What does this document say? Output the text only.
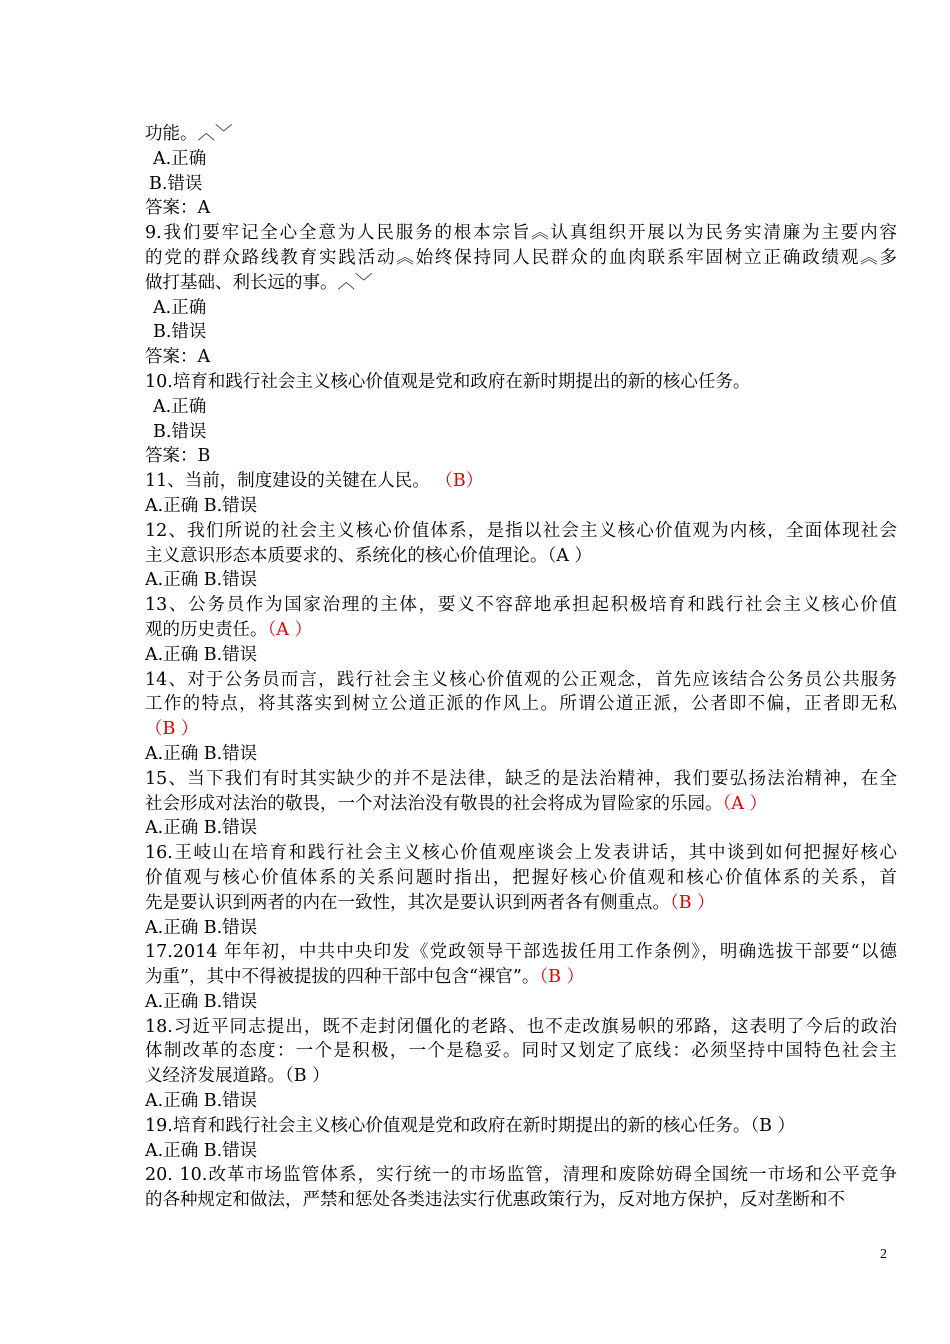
功能。︿﹀
A.正确
B.错误
答案：A
9.我们要牢记全心全意为人民服务的根本宗旨︽认真组织开展以为民务实清廉为主要内容
的党的群众路线教育实践活动︽始终保持同人民群众的血肉联系牢固树立正确政绩观︽多
做打基础、利长远的事。︿﹀
A.正确
B.错误
答案：A
10.培育和践行社会主义核心价值观是党和政府在新时期提出的新的核心任务。
A.正确
B.错误
答案：B
11、当前，制度建设的关键在人民。 （B）
A.正确 B.错误
12、我们所说的社会主义核心价值体系，是指以社会主义核心价值观为内核，全面体现社会
主义意识形态本质要求的、系统化的核心价值理论。（A ）
A.正确 B.错误
13、公务员作为国家治理的主体，要义不容辞地承担起积极培育和践行社会主义核心价值
观的历史责任。（A ）
A.正确 B.错误
14、对于公务员而言，践行社会主义核心价值观的公正观念，首先应该结合公务员公共服务
工作的特点，将其落实到树立公道正派的作风上。所谓公道正派，公者即不偏，正者即无私
（B ）
A.正确 B.错误
15、当下我们有时其实缺少的并不是法律，缺乏的是法治精神，我们要弘扬法治精神，在全
社会形成对法治的敬畏，一个对法治没有敬畏的社会将成为冒险家的乐园。（A ）
A.正确 B.错误
16.王岐山在培育和践行社会主义核心价值观座谈会上发表讲话，其中谈到如何把握好核心
价值观与核心价值体系的关系问题时指出，把握好核心价值观和核心价值体系的关系，首
先是要认识到两者的内在一致性，其次是要认识到两者各有侧重点。（B ）
A.正确 B.错误
17.2014 年年初，中共中央印发《党政领导干部选拔任用工作条例》，明确选拔干部要“以德
为重”，其中不得被提拔的四种干部中包含“裸官”。（B ）
A.正确 B.错误
18.习近平同志提出，既不走封闭僵化的老路、也不走改旗易帜的邪路，这表明了今后的政治
体制改革的态度：一个是积极，一个是稳妥。同时又划定了底线：必须坚持中国特色社会主
义经济发展道路。（B ）
A.正确 B.错误
19.培育和践行社会主义核心价值观是党和政府在新时期提出的新的核心任务。（B ）
A.正确 B.错误
20. 10.改革市场监管体系，实行统一的市场监管，清理和废除妨碍全国统一市场和公平竞争
的各种规定和做法，严禁和惩处各类违法实行优惠政策行为，反对地方保护，反对垄断和不
2
